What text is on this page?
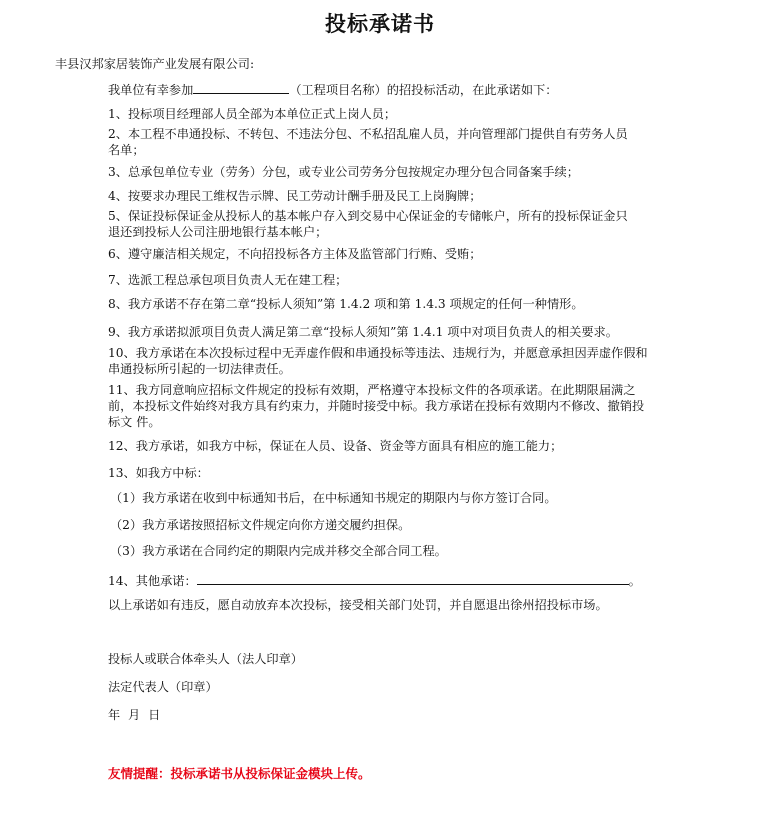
投标承诺书
丰县汉邦家居装饰产业发展有限公司:
我单位有幸参加	（工程项目名称）的招投标活动，在此承诺如下：
1、投标项目经理部人员全部为本单位正式上岗人员；
2、本工程不串通投标、不转包、不违法分包、不私招乱雇人员，并向管理部门提供自有劳务人员
名单；
3、总承包单位专业（劳务）分包，或专业公司劳务分包按规定办理分包合同备案手续；
4、按要求办理民工维权告示牌、民工劳动计酬手册及民工上岗胸牌；
5、保证投标保证金从投标人的基本帐户存入到交易中心保证金的专储帐户，所有的投标保证金只
退还到投标人公司注册地银行基本帐户；
6、遵守廉洁相关规定，不向招投标各方主体及监管部门行贿、受贿；
7、选派工程总承包项目负责人无在建工程；
8、我方承诺不存在第二章“投标人须知”第 1.4.2 项和第 1.4.3 项规定的任何一种情形。
9、我方承诺拟派项目负责人满足第二章“投标人须知”第 1.4.1 项中对项目负责人的相关要求。
10、我方承诺在本次投标过程中无弄虚作假和串通投标等违法、违规行为，并愿意承担因弄虚作假和
串通投标所引起的一切法律责任。
11、我方同意响应招标文件规定的投标有效期，严格遵守本投标文件的各项承诺。在此期限届满之
前，本投标文件始终对我方具有约束力，并随时接受中标。我方承诺在投标有效期内不修改、撤销投
标文 件。
12、我方承诺，如我方中标，保证在人员、设备、资金等方面具有相应的施工能力；
13、如我方中标：
（1）我方承诺在收到中标通知书后，在中标通知书规定的期限内与你方签订合同。
（2）我方承诺按照招标文件规定向你方递交履约担保。
（3）我方承诺在合同约定的期限内完成并移交全部合同工程。
14、其他承诺：	。
以上承诺如有违反，愿自动放弃本次投标，接受相关部门处罚，并自愿退出徐州招投标市场。
投标人或联合体牵头人（法人印章）
法定代表人（印章）
年 月 日
友情提醒：投标承诺书从投标保证金模块上传。
